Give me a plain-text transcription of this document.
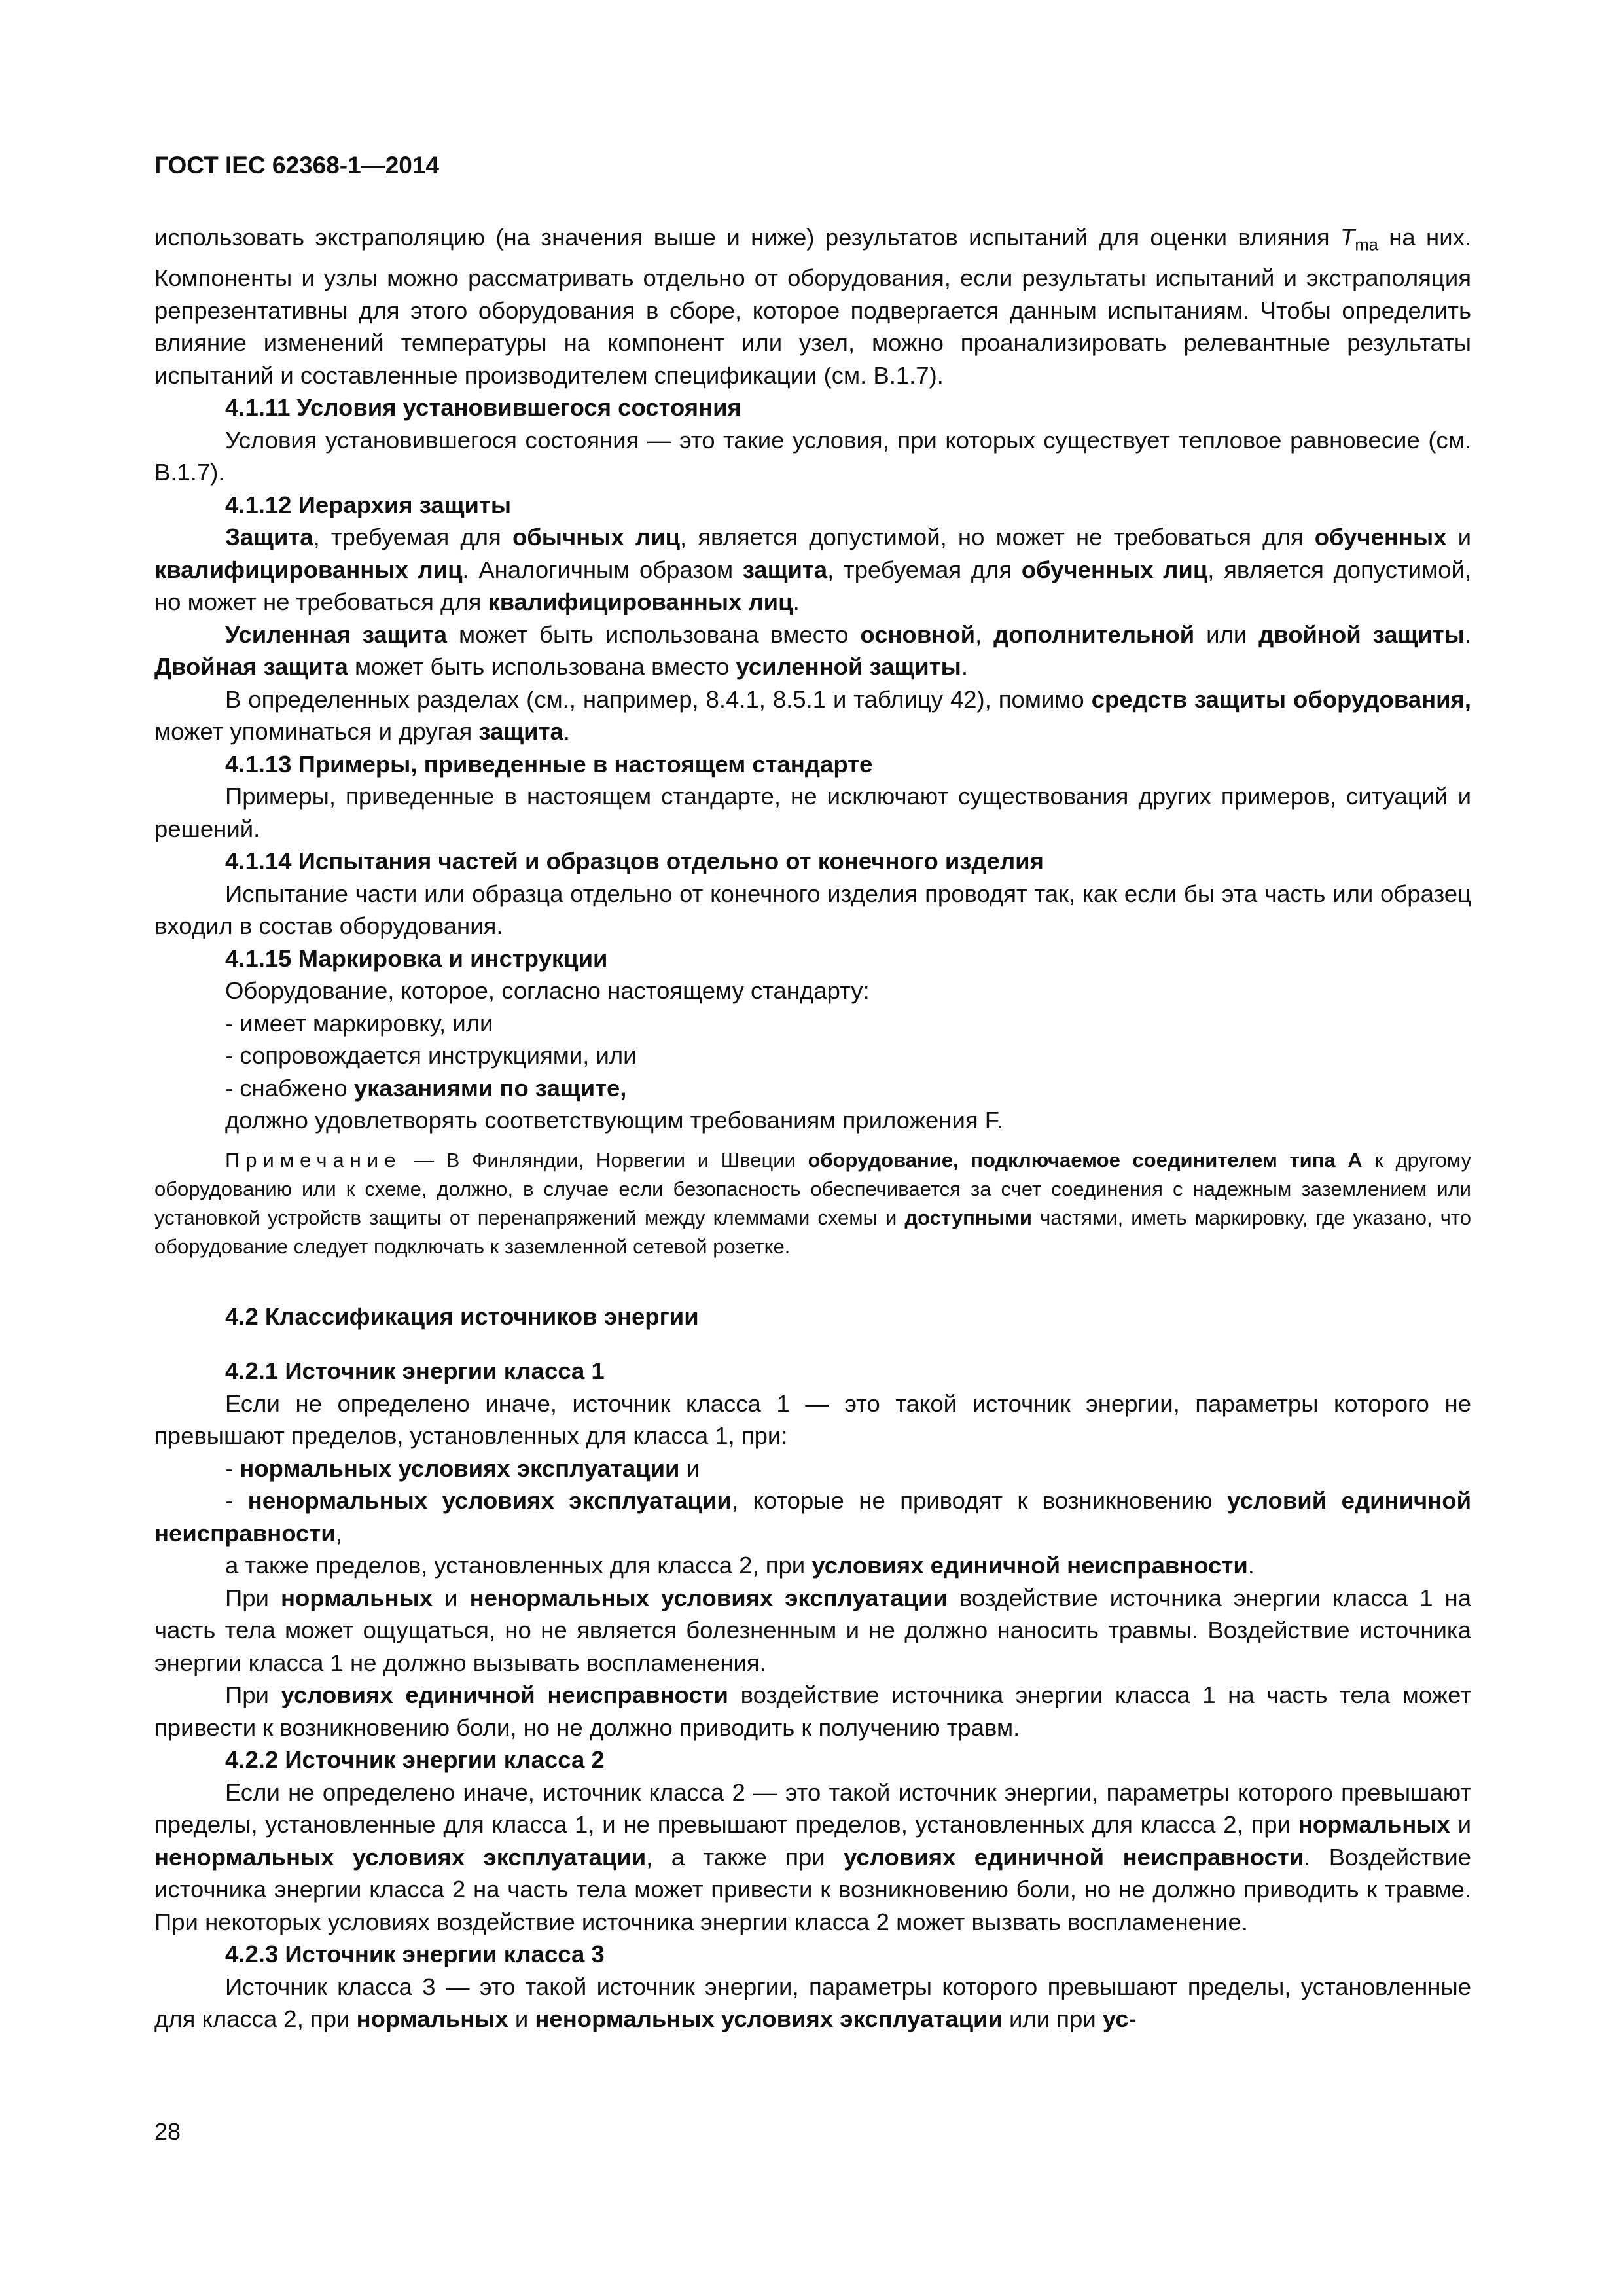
ГОСТ IEC 62368-1—2014

использовать экстраполяцию (на значения выше и ниже) результатов испытаний для оценки влияния $T_{ma}$ на них. Компоненты и узлы можно рассматривать отдельно от оборудования, если результаты испытаний и экстраполяция репрезентативны для этого оборудования в сборе, которое подвергается данным испытаниям. Чтобы определить влияние изменений температуры на компонент или узел, можно проанализировать релевантные результаты испытаний и составленные производителем спецификации (см. В.1.7).

4.1.11 Условия установившегося состояния

Условия установившегося состояния — это такие условия, при которых существует тепловое равновесие (см. В.1.7).

4.1.12 Иерархия защиты

Защита, требуемая для обычных лиц, является допустимой, но может не требоваться для обученных и квалифицированных лиц. Аналогичным образом защита, требуемая для обученных лиц, является допустимой, но может не требоваться для квалифицированных лиц.

Усиленная защита может быть использована вместо основной, дополнительной или двойной защиты. Двойная защита может быть использована вместо усиленной защиты.

В определенных разделах (см., например, 8.4.1, 8.5.1 и таблицу 42), помимо средств защиты оборудования, может упоминаться и другая защита.

4.1.13 Примеры, приведенные в настоящем стандарте

Примеры, приведенные в настоящем стандарте, не исключают существования других примеров, ситуаций и решений.

4.1.14 Испытания частей и образцов отдельно от конечного изделия

Испытание части или образца отдельно от конечного изделия проводят так, как если бы эта часть или образец входил в состав оборудования.

4.1.15 Маркировка и инструкции

Оборудование, которое, согласно настоящему стандарту:

- имеет маркировку, или

- сопровождается инструкциями, или

- снабжено указаниями по защите,

должно удовлетворять соответствующим требованиям приложения F.

Примечание — В Финляндии, Норвегии и Швеции оборудование, подключаемое соединителем типа А к другому оборудованию или к схеме, должно, в случае если безопасность обеспечивается за счет соединения с надежным заземлением или установкой устройств защиты от перенапряжений между клеммами схемы и доступными частями, иметь маркировку, где указано, что оборудование следует подключать к заземленной сетевой розетке.

4.2 Классификация источников энергии

4.2.1 Источник энергии класса 1

Если не определено иначе, источник класса 1 — это такой источник энергии, параметры которого не превышают пределов, установленных для класса 1, при:

- нормальных условиях эксплуатации и

- ненормальных условиях эксплуатации, которые не приводят к возникновению условий единичной неисправности,

а также пределов, установленных для класса 2, при условиях единичной неисправности.

При нормальных и ненормальных условиях эксплуатации воздействие источника энергии класса 1 на часть тела может ощущаться, но не является болезненным и не должно наносить травмы. Воздействие источника энергии класса 1 не должно вызывать воспламенения.

При условиях единичной неисправности воздействие источника энергии класса 1 на часть тела может привести к возникновению боли, но не должно приводить к получению травм.

4.2.2 Источник энергии класса 2

Если не определено иначе, источник класса 2 — это такой источник энергии, параметры которого превышают пределы, установленные для класса 1, и не превышают пределов, установленных для класса 2, при нормальных и ненормальных условиях эксплуатации, а также при условиях единичной неисправности. Воздействие источника энергии класса 2 на часть тела может привести к возникновению боли, но не должно приводить к травме. При некоторых условиях воздействие источника энергии класса 2 может вызвать воспламенение.

4.2.3 Источник энергии класса 3

Источник класса 3 — это такой источник энергии, параметры которого превышают пределы, установленные для класса 2, при нормальных и ненормальных условиях эксплуатации или при ус-

28
